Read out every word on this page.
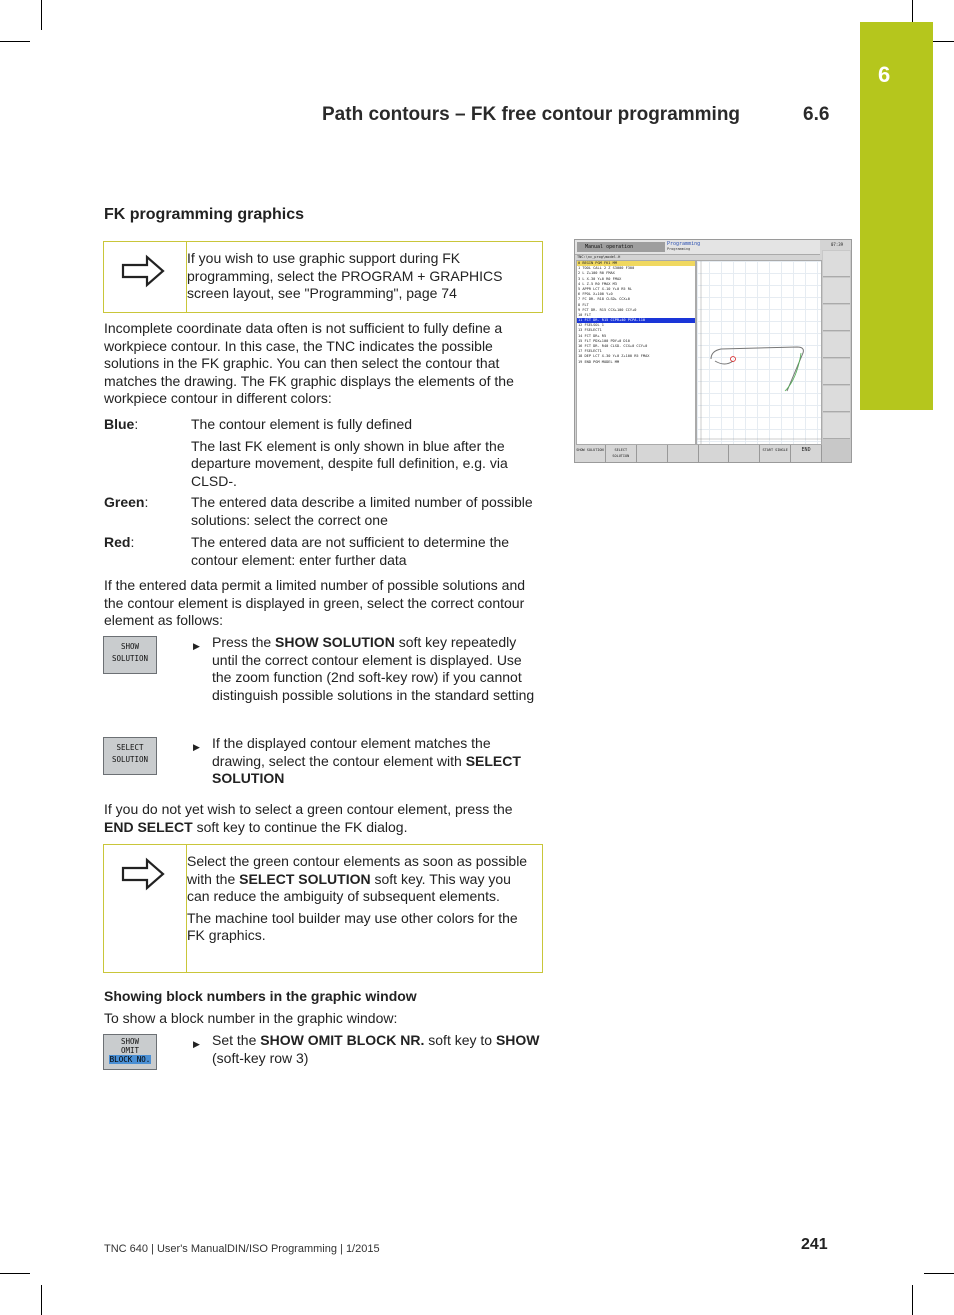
6
Path contours – FK free contour programming	6.6
FK programming graphics
If you wish to use graphic support during FK programming, select the PROGRAM + GRAPHICS screen layout, see "Programming", page 74
Incomplete coordinate data often is not sufficient to fully define a workpiece contour. In this case, the TNC indicates the possible solutions in the FK graphic. You can then select the contour that matches the drawing. The FK graphic displays the elements of the workpiece contour in different colors:
Blue:	The contour element is fully defined
The last FK element is only shown in blue after the departure movement, despite full definition, e.g. via CLSD-.
Green:	The entered data describe a limited number of possible solutions: select the correct one
Red:	The entered data are not sufficient to determine the contour element: enter further data
If the entered data permit a limited number of possible solutions and the contour element is displayed in green, select the correct contour element as follows:
SHOW
SOLUTION
▶ Press the SHOW SOLUTION soft key repeatedly until the correct contour element is displayed. Use the zoom function (2nd soft-key row) if you cannot distinguish possible solutions in the standard setting
SELECT
SOLUTION
▶ If the displayed contour element matches the drawing, select the contour element with SELECT SOLUTION
If you do not yet wish to select a green contour element, press the END SELECT soft key to continue the FK dialog.

Select the green contour elements as soon as possible with the SELECT SOLUTION soft key. This way you can reduce the ambiguity of subsequent elements.

The machine tool builder may use other colors for the FK graphics.

Showing block numbers in the graphic window
To show a block number in the graphic window:
SHOW
OMIT
BLOCK NO.
▶ Set the SHOW OMIT BLOCK NR. soft key to SHOW (soft-key row 3)
Manual operation	Programming
Programming
TNC:\nc_prog\model.H
0 BEGIN PGM FK1 MM
1 TOOL CALL 2 Z S3000 F300
2 L Z+100 R0 FMAX
3 L X-30 Y+0 R0 FMAX
4 L Z-5 R0 FMAX M3
5 APPR LCT X-10 Y+0 R5 RL
6 FPOL X+100 Y+0
7 FC DR- R18 CLSD+ CCX+0
8 FLT
9 FCT DR- R15 CCX+100 CCY+0
10 FLT
11 FCT DR- R15 CCPR+40 PCPA-110
12 FSELSOL 1
13 FSELECT1
14 FCT DR+ R5
15 FLT PDX+100 PDY+0 D10
16 FCT DR- R40 CLSD- CCX+0 CCY+0
17 FSELECT1
18 DEP LCT X-30 Y+0 Z+100 R5 FMAX
19 END PGM MODEL MM
07:39
SHOW SOLUTION	SELECT SOLUTION
START SINGLE	END
TNC 640 | User's ManualDIN/ISO Programming | 1/2015	241
